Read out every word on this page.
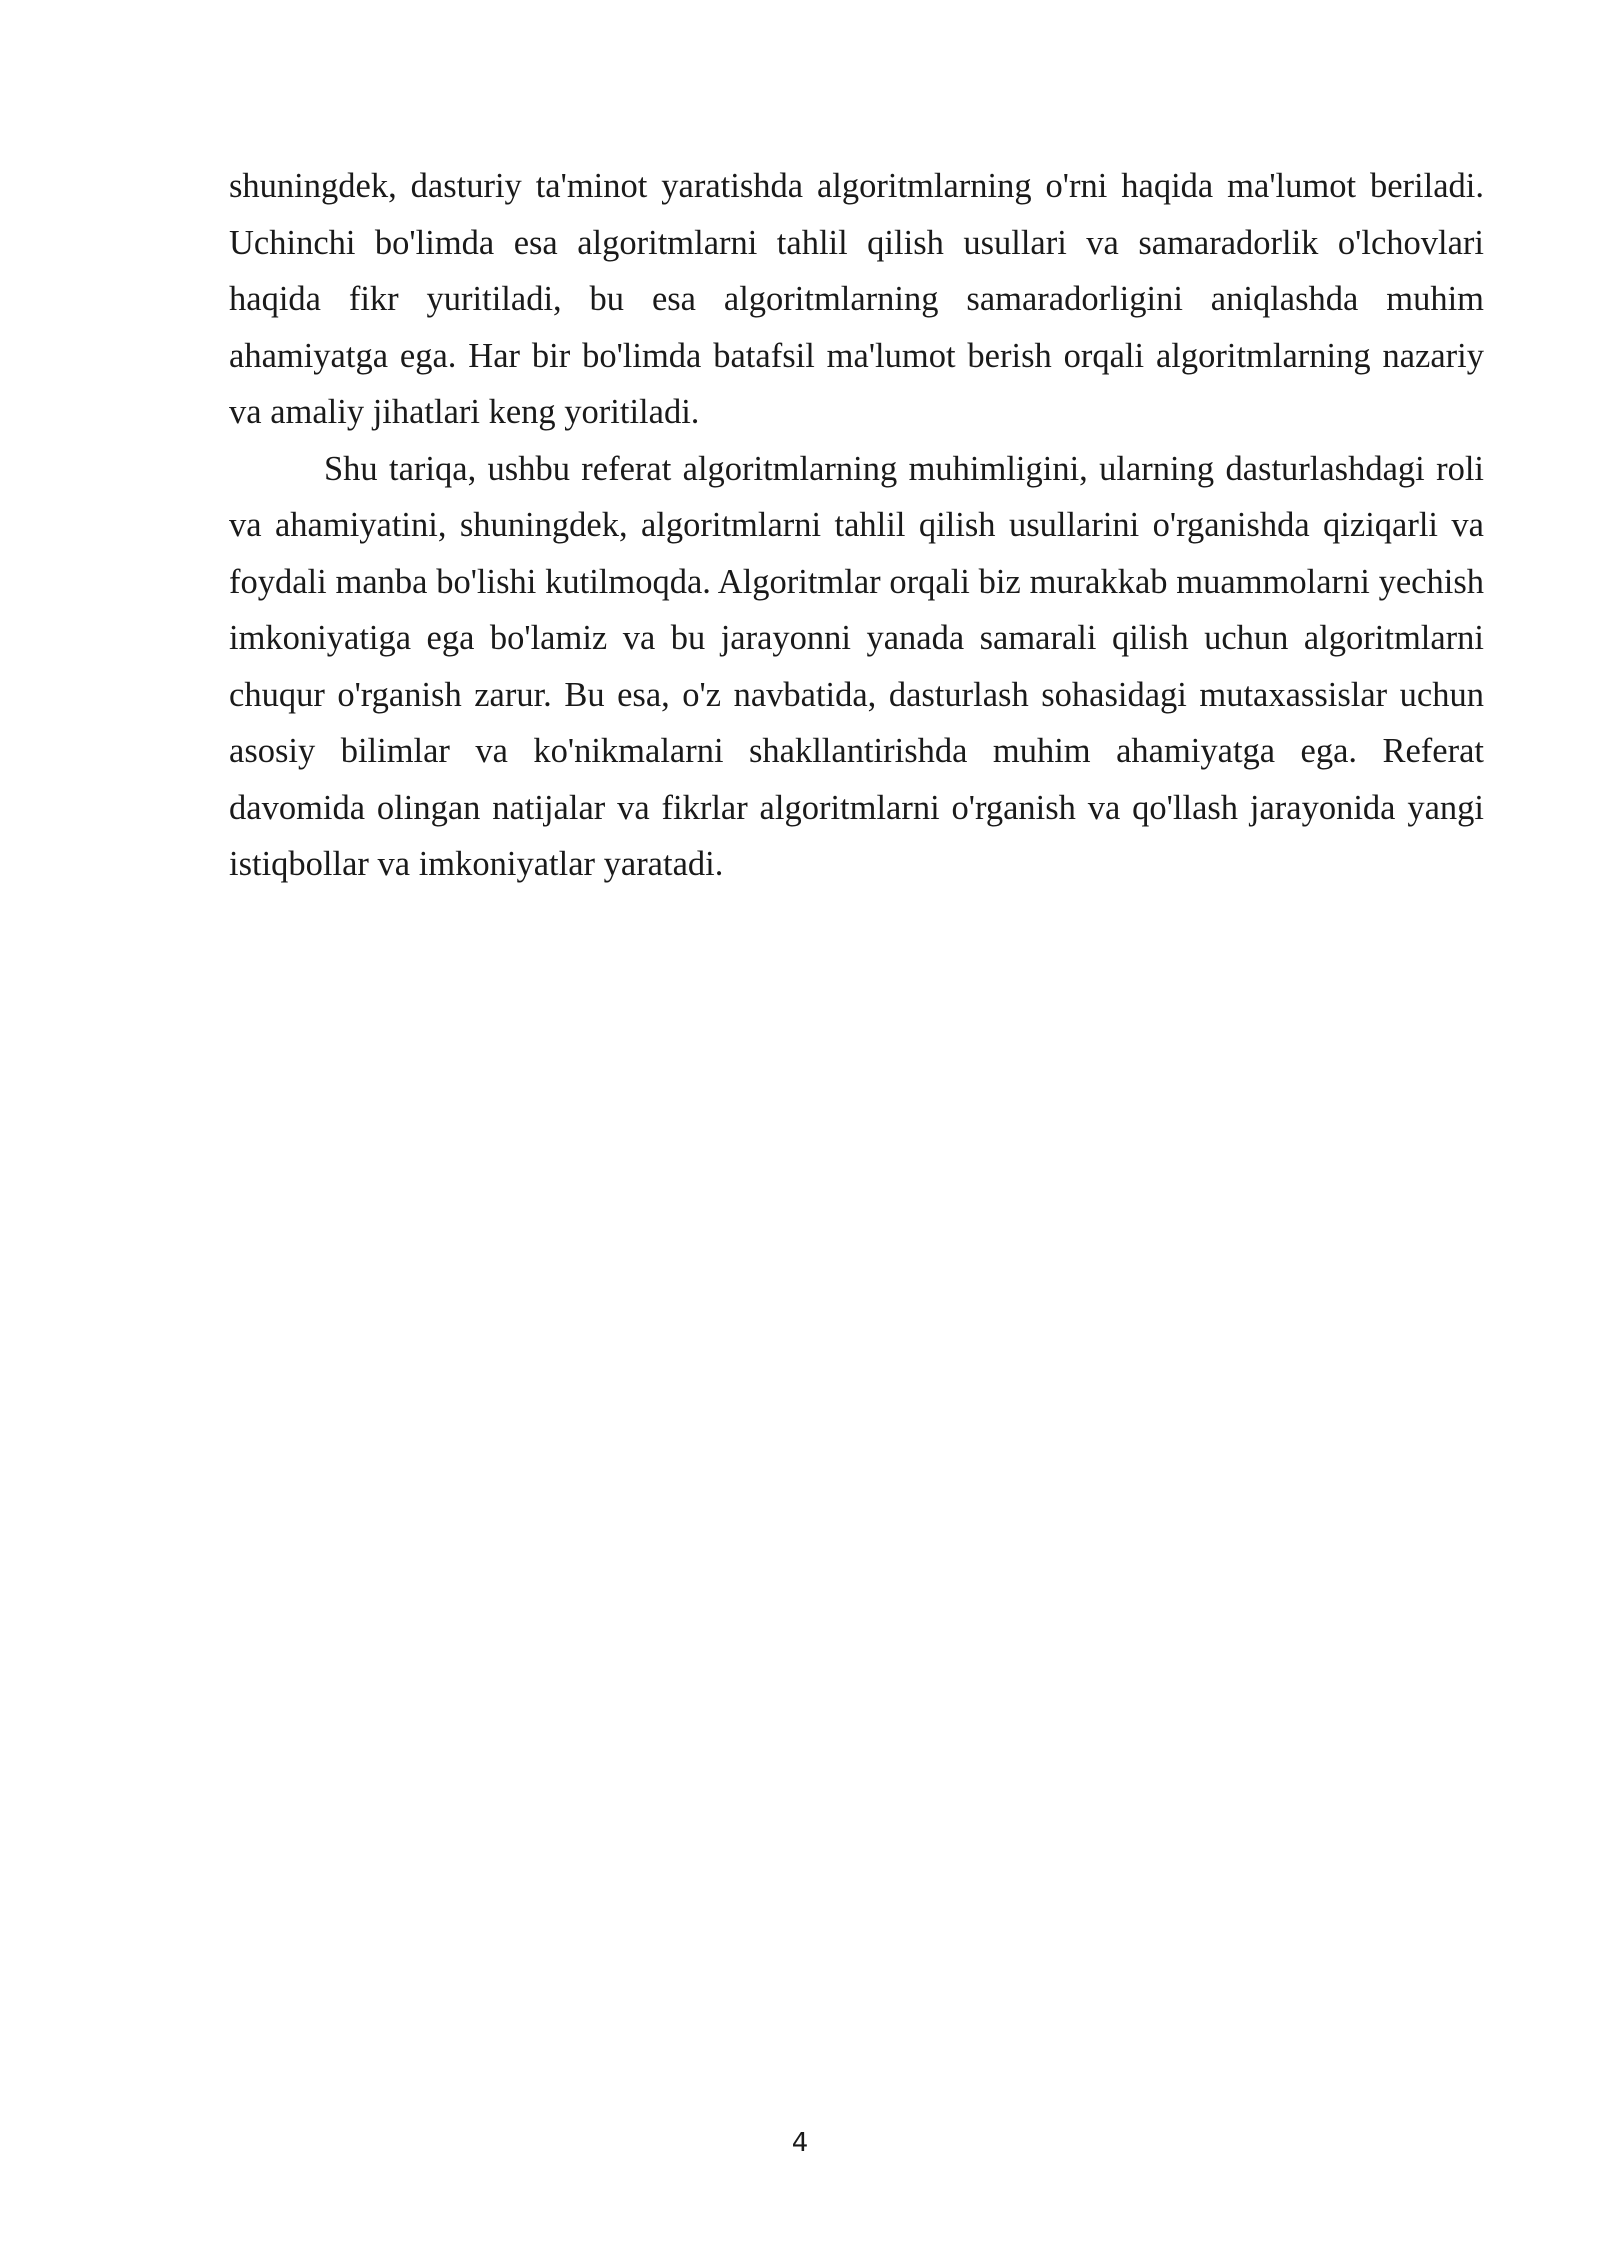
shuningdek, dasturiy ta'minot yaratishda algoritmlarning o'rni haqida ma'lumot beriladi. Uchinchi bo'limda esa algoritmlarni tahlil qilish usullari va samaradorlik o'lchovlari haqida fikr yuritiladi, bu esa algoritmlarning samaradorligini aniqlashda muhim ahamiyatga ega. Har bir bo'limda batafsil ma'lumot berish orqali algoritmlarning nazariy va amaliy jihatlari keng yoritiladi.

Shu tariqa, ushbu referat algoritmlarning muhimligini, ularning dasturlashdagi roli va ahamiyatini, shuningdek, algoritmlarni tahlil qilish usullarini o'rganishda qiziqarli va foydali manba bo'lishi kutilmoqda. Algoritmlar orqali biz murakkab muammolarni yechish imkoniyatiga ega bo'lamiz va bu jarayonni yanada samarali qilish uchun algoritmlarni chuqur o'rganish zarur. Bu esa, o'z navbatida, dasturlash sohasidagi mutaxassislar uchun asosiy bilimlar va ko'nikmalarni shakllantirishda muhim ahamiyatga ega. Referat davomida olingan natijalar va fikrlar algoritmlarni o'rganish va qo'llash jarayonida yangi istiqbollar va imkoniyatlar yaratadi.

4
